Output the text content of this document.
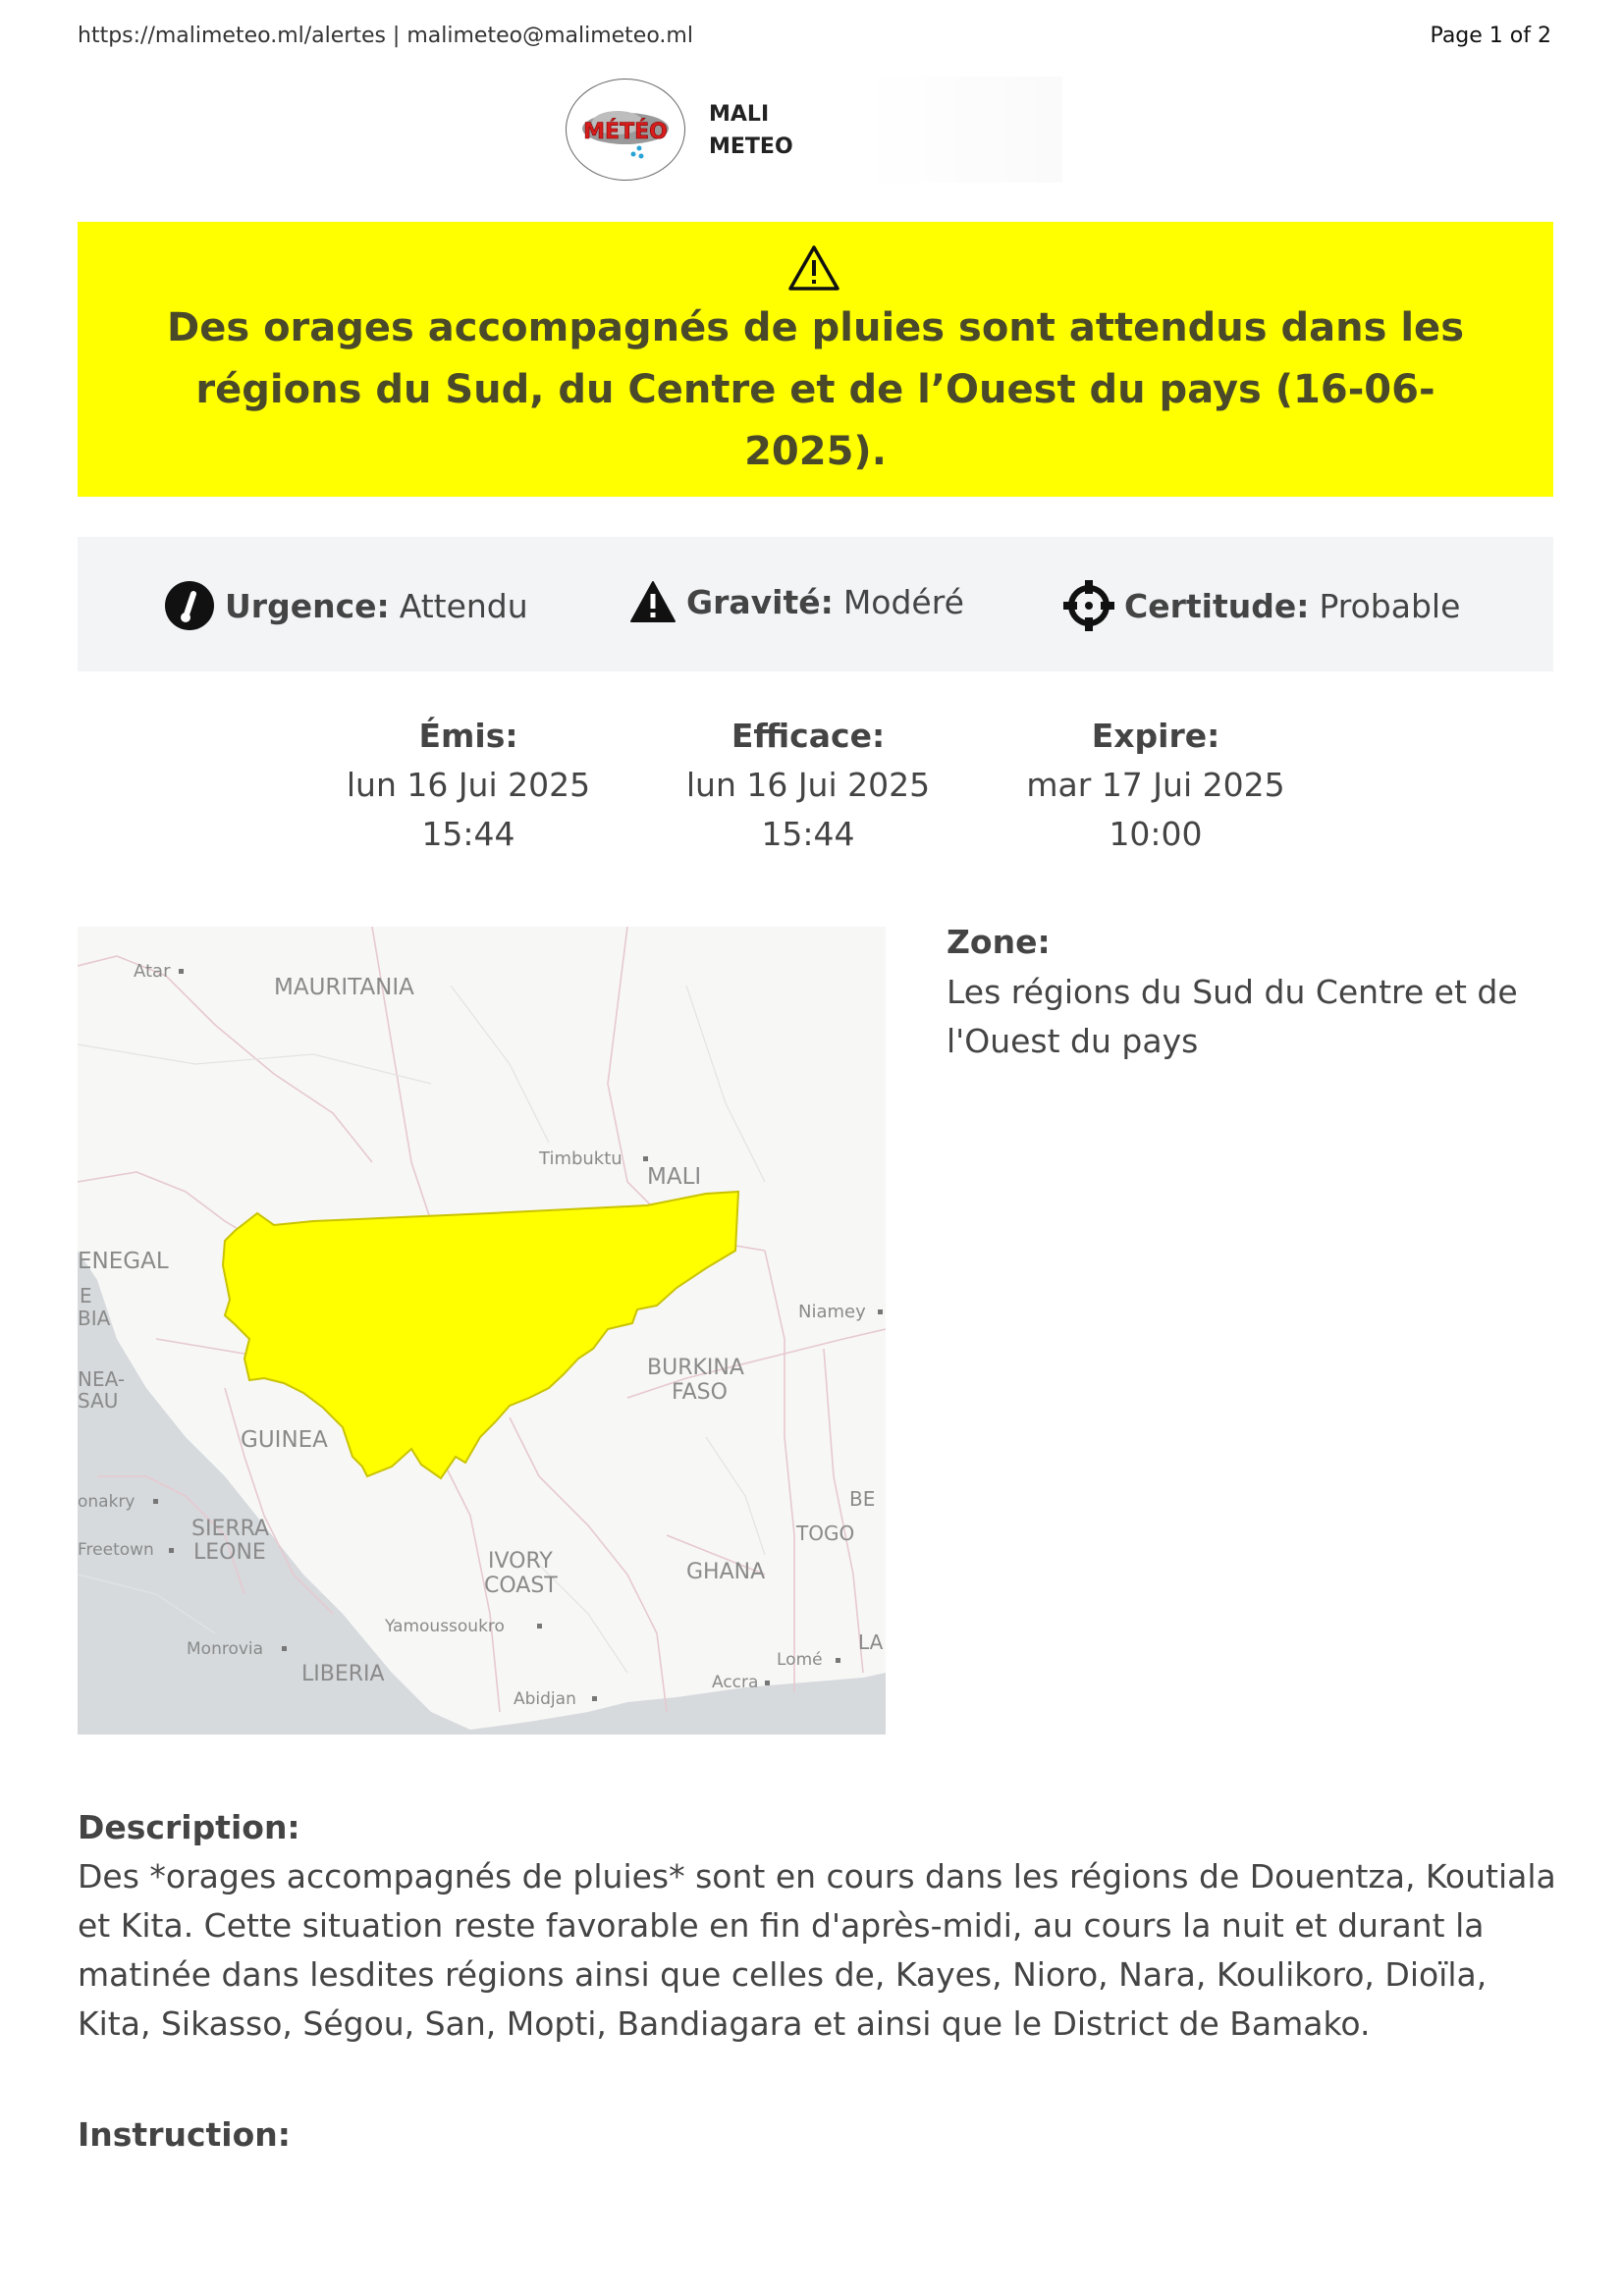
https://malimeteo.ml/alertes | malimeteo@malimeteo.ml	Page 1 of 2
MÉTÉO
MALI
METEO
Des orages accompagnés de pluies sont attendus dans les régions du Sud, du Centre et de l’Ouest du pays (16-06-2025).
Urgence: Attendu	Gravité: Modéré	Certitude: Probable
Émis:
lun 16 Jui 2025
15:44
Efficace:
lun 16 Jui 2025
15:44
Expire:
mar 17 Jui 2025
10:00
Atar
MAURITANIA
Timbuktu
MALI
ENEGAL
E
BIA	Niamey
NEA-
SAU
BURKINA
FASO
GUINEA
onakry	BE
Freetown
SIERRA
LEONE
TOGO
IVORY
COAST
GHANA
Yamoussoukro
Monrovia	LA
LIBERIA
Lomé
Accra
Abidjan
Zone:
Les régions du Sud du Centre et de l'Ouest du pays
Description:
Des *orages accompagnés de pluies* sont en cours dans les régions de Douentza, Koutiala et Kita. Cette situation reste favorable en fin d'après-midi, au cours la nuit et durant la matinée dans lesdites régions ainsi que celles de, Kayes, Nioro, Nara, Koulikoro, Dioïla, Kita, Sikasso, Ségou, San, Mopti, Bandiagara et ainsi que le District de Bamako.
Instruction:
